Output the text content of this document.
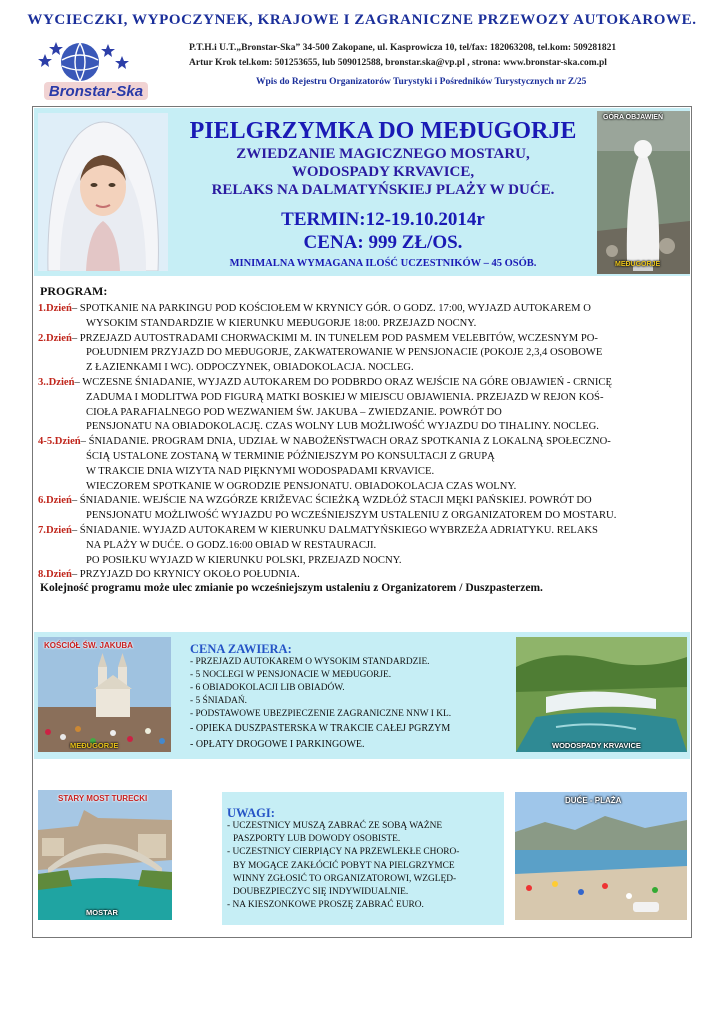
WYCIECZKI, WYPOCZYNEK, KRAJOWE I ZAGRANICZNE PRZEWOZY AUTOKAROWE.
Bronstar-Ska
P.T.H.i U.T.„Bronstar-Ska” 34-500 Zakopane, ul. Kasprowicza 10, tel/fax: 182063208, tel.kom: 509281821
Artur Krok tel.kom: 501253655, lub 509012588, bronstar.ska@vp.pl , strona: www.bronstar-ska.com.pl
Wpis do Rejestru Organizatorów Turystyki i Pośredników Turystycznych nr Z/25
GÓRA OBJAWIEŃ
MEĐUGORJE
PIELGRZYMKA DO MEĐUGORJE
ZWIEDZANIE MAGICZNEGO MOSTARU,
WODOSPADY KRVAVICE,
RELAKS NA DALMATYŃSKIEJ PLAŻY W DUĆE.
TERMIN:12-19.10.2014r
CENA: 999 ZŁ/OS.
MINIMALNA WYMAGANA ILOŚĆ UCZESTNIKÓW – 45 OSÓB.
PROGRAM:
1.Dzień– SPOTKANIE NA PARKINGU POD KOŚCIOŁEM W KRYNICY GÓR. O GODZ. 17:00, WYJAZD AUTOKAREM O
WYSOKIM STANDARDZIE W KIERUNKU MEĐUGORJE 18:00. PRZEJAZD NOCNY.
2.Dzień– PRZEJAZD AUTOSTRADAMI CHORWACKIMI M. IN TUNELEM POD PASMEM VELEBITÓW, WCZESNYM PO-
POŁUDNIEM PRZYJAZD DO MEĐUGORJE, ZAKWATEROWANIE W PENSJONACIE (POKOJE 2,3,4 OSOBOWE
Z ŁAZIENKAMI I WC). ODPOCZYNEK, OBIADOKOLACJA. NOCLEG.
3..Dzień– WCZESNE ŚNIADANIE, WYJAZD AUTOKAREM DO PODBRDO ORAZ WEJŚCIE NA GÓRE OBJAWIEŃ - CRNICĘ
ZADUMA I MODLITWA POD FIGURĄ MATKI BOSKIEJ W MIEJSCU OBJAWIENIA. PRZEJAZD W REJON KOŚ-
CIOŁA PARAFIALNEGO POD WEZWANIEM ŚW. JAKUBA – ZWIEDZANIE. POWRÓT DO
PENSJONATU NA OBIADOKOLACJĘ. CZAS WOLNY LUB MOŻLIWOŚĆ WYJAZDU DO TIHALINY. NOCLEG.
4-5.Dzień– ŚNIADANIE. PROGRAM DNIA, UDZIAŁ W NABOŻEŃSTWACH ORAZ SPOTKANIA Z LOKALNĄ SPOŁECZNO-
ŚCIĄ USTALONE ZOSTANĄ W TERMINIE PÓŹNIEJSZYM PO KONSULTACJI Z GRUPĄ
W TRAKCIE DNIA WIZYTA NAD PIĘKNYMI WODOSPADAMI KRVAVICE.
WIECZOREM SPOTKANIE W OGRODZIE PENSJONATU. OBIADOKOLACJA CZAS WOLNY.
6.Dzień– ŚNIADANIE. WEJŚCIE NA WZGÓRZE KRIŽEVAC ŚCIEŻKĄ WZDŁÓŻ STACJI MĘKI PAŃSKIEJ. POWRÓT DO
PENSJONATU MOŻLIWOŚĆ WYJAZDU PO WCZEŚNIEJSZYM USTALENIU Z ORGANIZATOREM DO MOSTARU.
7.Dzień– ŚNIADANIE. WYJAZD AUTOKAREM W KIERUNKU DALMATYŃSKIEGO WYBRZEŻA ADRIATYKU. RELAKS
NA PLAŻY W DUĆE. O GODZ.16:00 OBIAD W RESTAURACJI.
PO POSIŁKU WYJAZD W KIERUNKU POLSKI, PRZEJAZD NOCNY.
8.Dzień– PRZYJAZD DO KRYNICY OKOŁO POŁUDNIA.
Kolejność programu może ulec zmianie po wcześniejszym ustaleniu z Organizatorem / Duszpasterzem.
KOŚCIÓŁ ŚW. JAKUBA
MEĐUGORJE
CENA ZAWIERA:
- PRZEJAZD AUTOKAREM O WYSOKIM STANDARDZIE.
- 5 NOCLEGI W PENSJONACIE W MEĐUGORJE.
- 6 OBIADOKOLACJI LIB OBIADÓW.
- 5 ŚNIADAŃ.
- PODSTAWOWE UBEZPIECZENIE ZAGRANICZNE NNW I KL.
- OPIEKA DUSZPASTERSKA W TRAKCIE CAŁEJ PGRZYM
- OPŁATY DROGOWE I PARKINGOWE.	WODOSPADY KRVAVICE
STARY MOST TURECKI
MOSTAR
UWAGI:
- UCZESTNICY MUSZĄ ZABRAĆ ZE SOBĄ WAŻNE
PASZPORTY LUB DOWODY OSOBISTE.
- UCZESTNICY CIERPIĄCY NA PRZEWLEKŁE CHORO-
BY MOGĄCE ZAKŁÓCIĆ POBYT NA PIELGRZYMCE
WINNY ZGŁOSIĆ TO ORGANIZATOROWI, WZGLĘD-
DOUBEZPIECZYC SIĘ INDYWIDUALNIE.
- NA KIESZONKOWE PROSZĘ ZABRAĆ EURO.
DUĆE - PLAŻA
